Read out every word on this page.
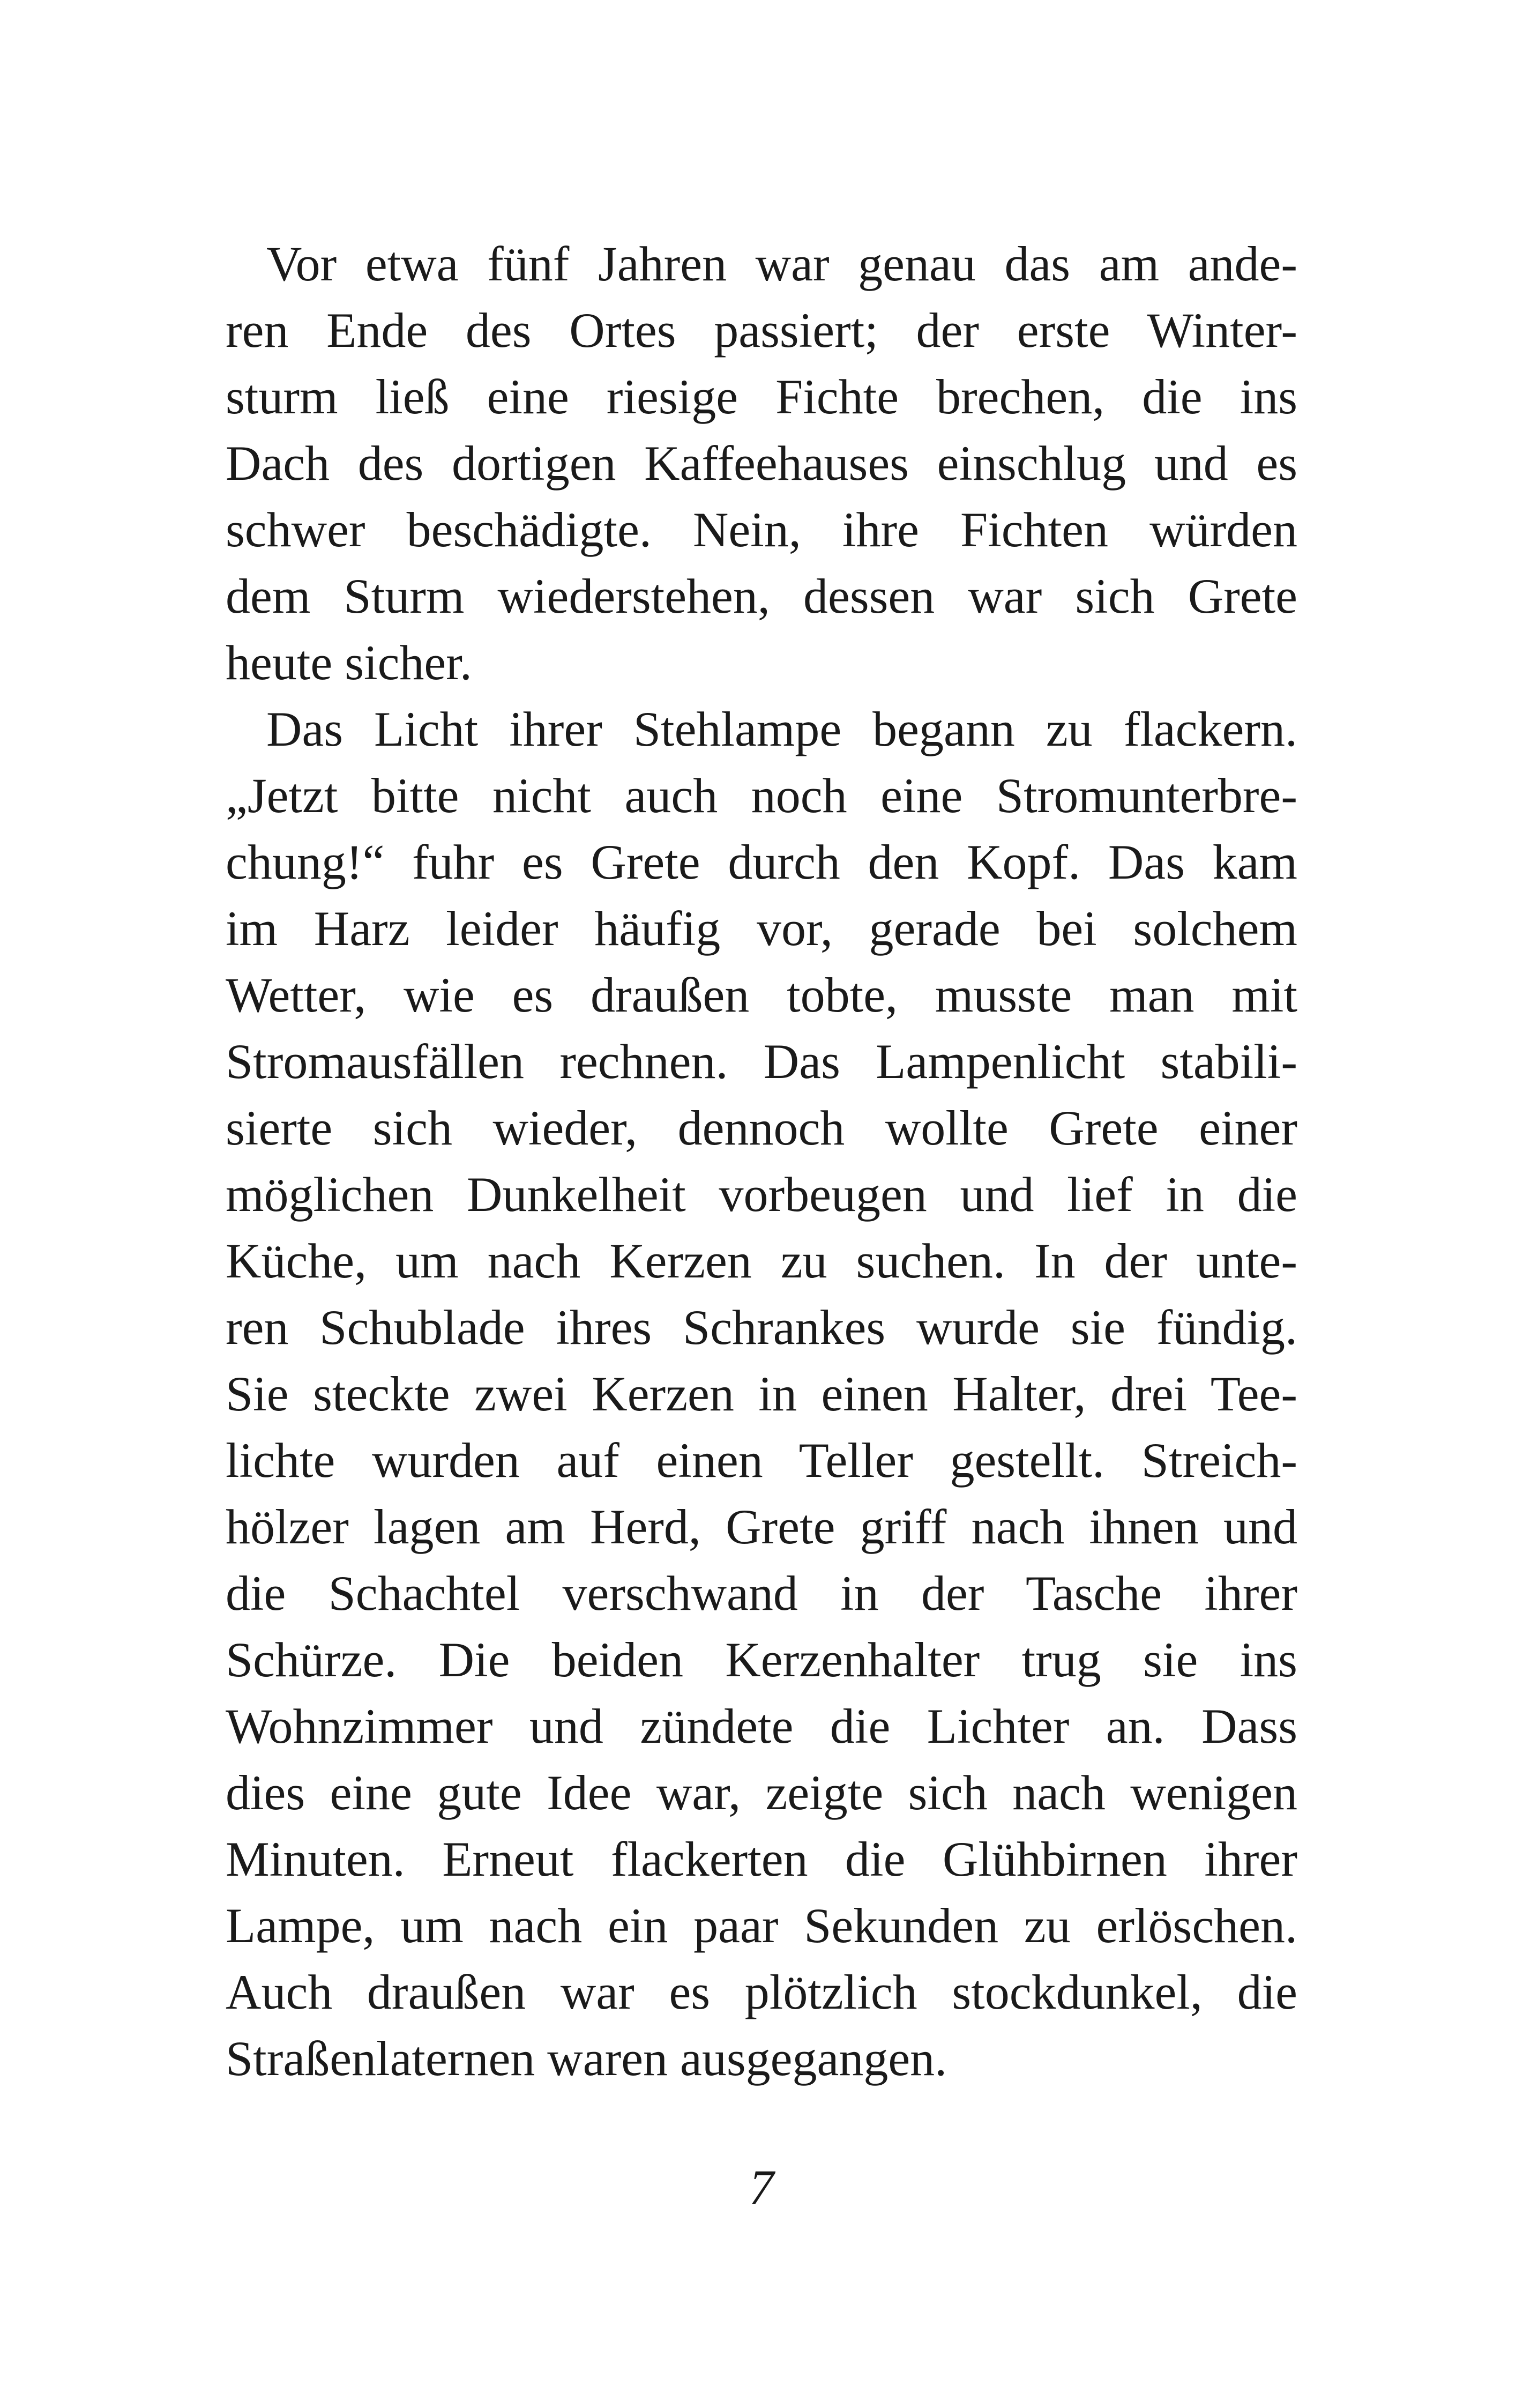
Vor etwa fünf Jahren war genau das am ande-
ren Ende des Ortes passiert; der erste Winter-
sturm ließ eine riesige Fichte brechen, die ins
Dach des dortigen Kaffeehauses einschlug und es
schwer beschädigte. Nein, ihre Fichten würden
dem Sturm wiederstehen, dessen war sich Grete
heute sicher.
Das Licht ihrer Stehlampe begann zu flackern.
„Jetzt bitte nicht auch noch eine Stromunterbre-
chung!“ fuhr es Grete durch den Kopf. Das kam
im Harz leider häufig vor, gerade bei solchem
Wetter, wie es draußen tobte, musste man mit
Stromausfällen rechnen. Das Lampenlicht stabili-
sierte sich wieder, dennoch wollte Grete einer
möglichen Dunkelheit vorbeugen und lief in die
Küche, um nach Kerzen zu suchen. In der unte-
ren Schublade ihres Schrankes wurde sie fündig.
Sie steckte zwei Kerzen in einen Halter, drei Tee-
lichte wurden auf einen Teller gestellt. Streich-
hölzer lagen am Herd, Grete griff nach ihnen und
die Schachtel verschwand in der Tasche ihrer
Schürze. Die beiden Kerzenhalter trug sie ins
Wohnzimmer und zündete die Lichter an. Dass
dies eine gute Idee war, zeigte sich nach wenigen
Minuten. Erneut flackerten die Glühbirnen ihrer
Lampe, um nach ein paar Sekunden zu erlöschen.
Auch draußen war es plötzlich stockdunkel, die
Straßenlaternen waren ausgegangen.
7
